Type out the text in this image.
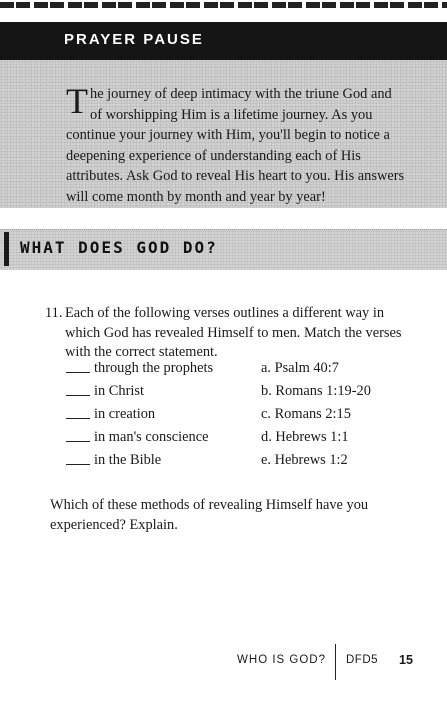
PRAYER PAUSE

The journey of deep intimacy with the triune God and of worshipping Him is a lifetime journey. As you continue your journey with Him, you'll begin to notice a deepening experience of understanding each of His attributes. Ask God to reveal His heart to you. His answers will come month by month and year by year!

WHAT DOES GOD DO?

11. Each of the following verses outlines a different way in which God has revealed Himself to men. Match the verses with the correct statement.

through the prophets	a. Psalm 40:7
in Christ	b. Romans 1:19-20
in creation	c. Romans 2:15
in man's conscience	d. Hebrews 1:1
in the Bible	e. Hebrews 1:2

Which of these methods of revealing Himself have you experienced? Explain.

WHO IS GOD? DFD5 15
